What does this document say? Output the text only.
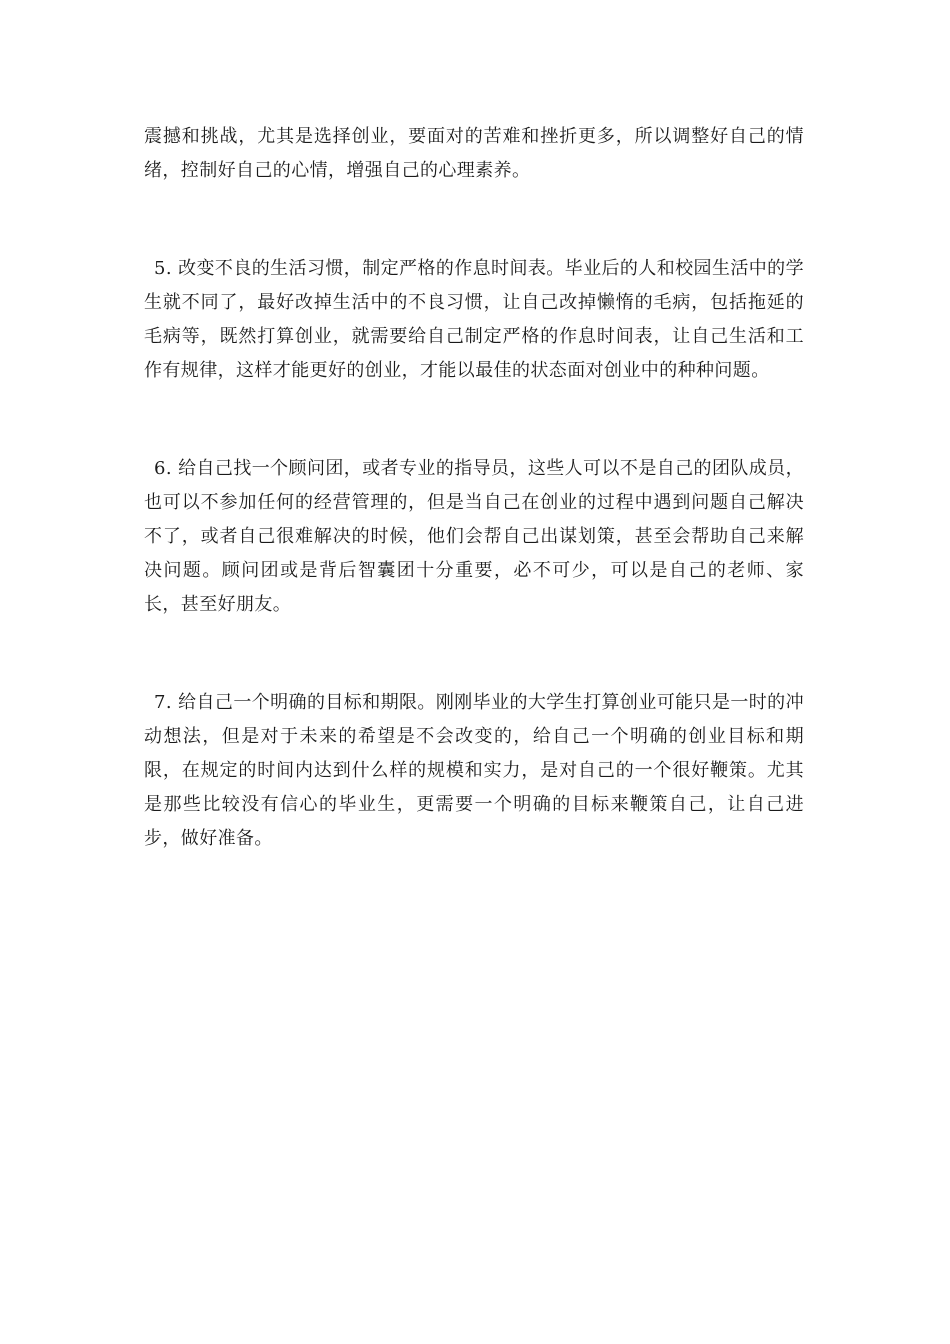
震撼和挑战，尤其是选择创业，要面对的苦难和挫折更多，所以调整好自己的情绪，控制好自己的心情，增强自己的心理素养。

5. 改变不良的生活习惯，制定严格的作息时间表。毕业后的人和校园生活中的学生就不同了，最好改掉生活中的不良习惯，让自己改掉懒惰的毛病，包括拖延的毛病等，既然打算创业，就需要给自己制定严格的作息时间表，让自己生活和工作有规律，这样才能更好的创业，才能以最佳的状态面对创业中的种种问题。

6. 给自己找一个顾问团，或者专业的指导员，这些人可以不是自己的团队成员，也可以不参加任何的经营管理的，但是当自己在创业的过程中遇到问题自己解决不了，或者自己很难解决的时候，他们会帮自己出谋划策，甚至会帮助自己来解决问题。顾问团或是背后智囊团十分重要，必不可少，可以是自己的老师、家长，甚至好朋友。

7. 给自己一个明确的目标和期限。刚刚毕业的大学生打算创业可能只是一时的冲动想法，但是对于未来的希望是不会改变的，给自己一个明确的创业目标和期限，在规定的时间内达到什么样的规模和实力，是对自己的一个很好鞭策。尤其是那些比较没有信心的毕业生，更需要一个明确的目标来鞭策自己，让自己进步，做好准备。
